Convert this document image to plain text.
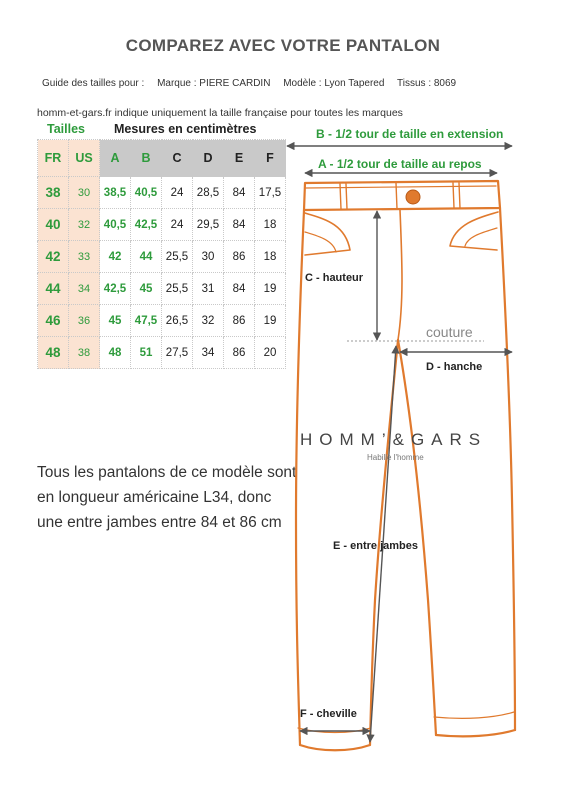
COMPAREZ AVEC VOTRE PANTALON
Guide des tailles pour : Marque : PIERE CARDIN Modèle : Lyon Tapered Tissus : 8069
homm-et-gars.fr indique uniquement la taille française pour toutes les marques
Tailles Mesures en centimètres
FR	US	A	B	C	D	E	F
38	30	38,5	40,5	24	28,5	84	17,5
40	32	40,5	42,5	24	29,5	84	18
42	33	42	44	25,5	30	86	18
44	34	42,5	45	25,5	31	84	19
46	36	45	47,5	26,5	32	86	19
48	38	48	51	27,5	34	86	20
Tous les pantalons de ce modèle sont en longueur américaine L34, donc une entre jambes entre 84 et 86 cm
B - 1/2 tour de taille en extension
A - 1/2 tour de taille au repos
C - hauteur
couture
D - hanche
HOMM’&GARS
Habille l'homme
E - entre jambes
F - cheville
